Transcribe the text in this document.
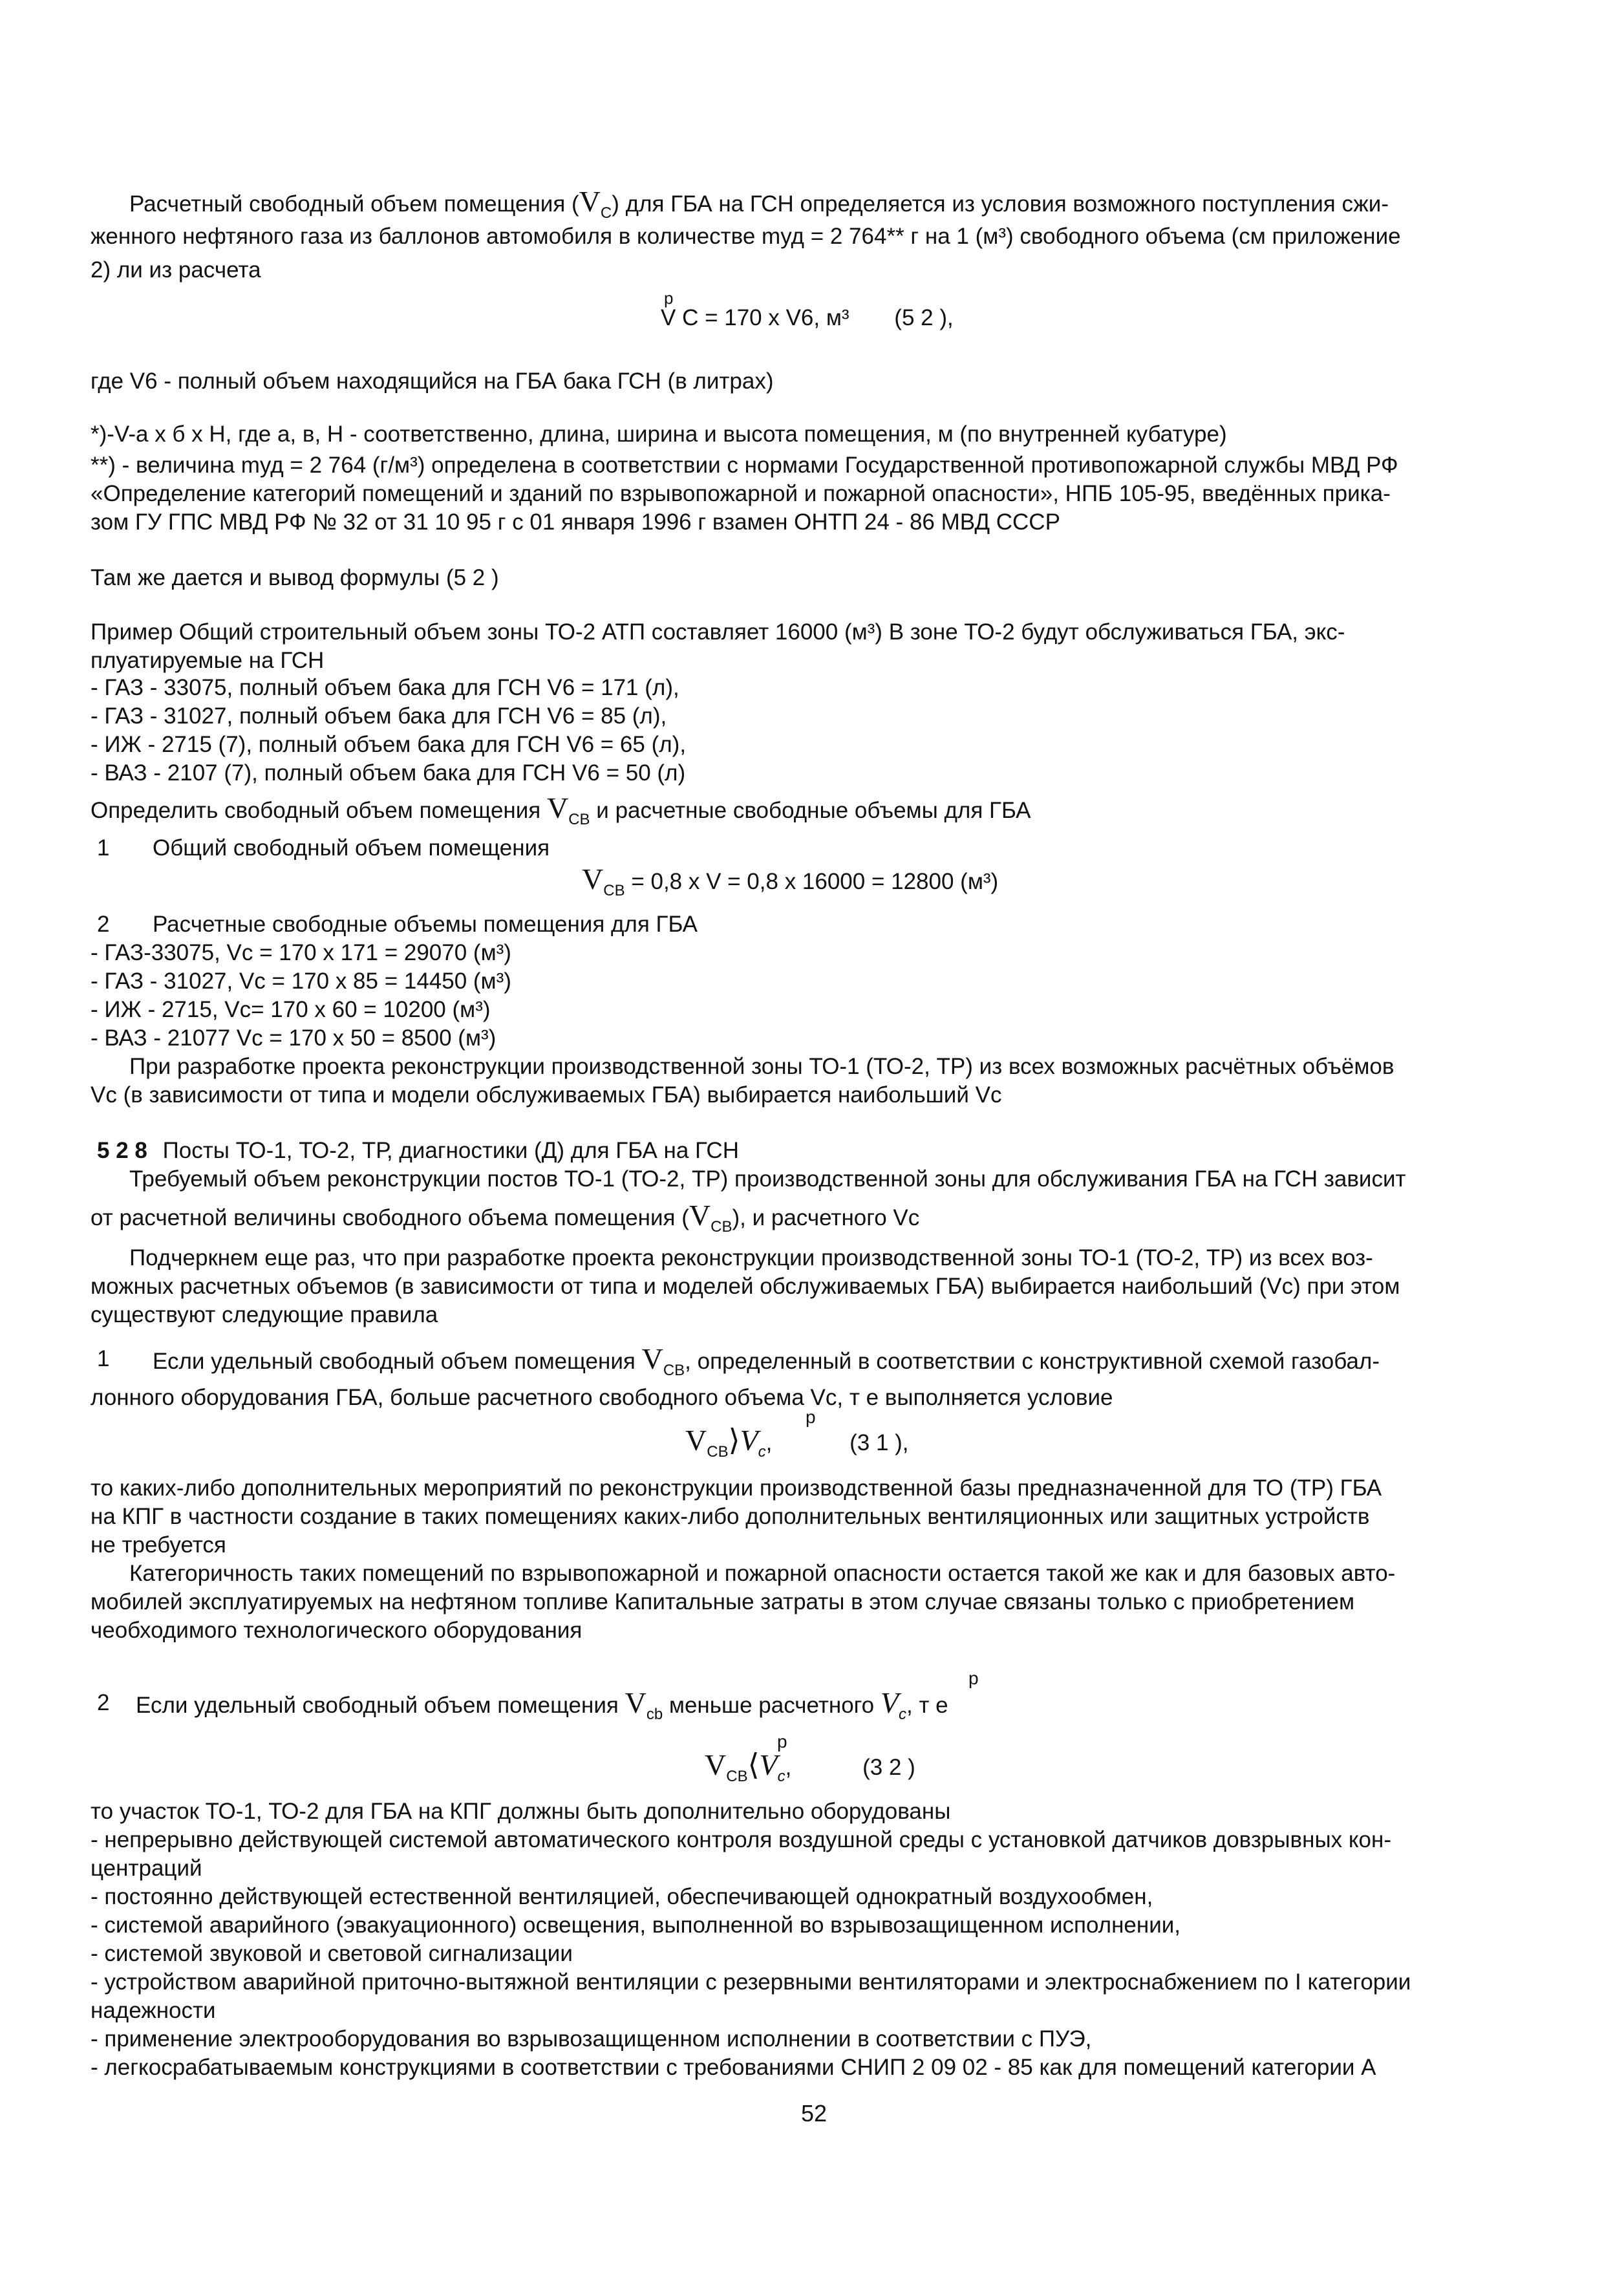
Расчетный свободный объем помещения $(V_C)$ для ГБА на ГСН определяется из условия возможного поступления сжи-
женного нефтяного газа из баллонов автомобиля в количестве mуд = 2 764** г на 1 (м³) свободного объема (см приложение
2) ли из расчета
p
V C = 170 х V6, м³ (5 2 ),
где V6 - полный объем находящийся на ГБА бака ГСН (в литрах)
*)-V-а х б х Н, где а, в, Н - соответственно, длина, ширина и высота помещения, м (по внутренней кубатуре)
**) - величина mуд = 2 764 (г/м³) определена в соответствии с нормами Государственной противопожарной службы МВД РФ
«Определение категорий помещений и зданий по взрывопожарной и пожарной опасности», НПБ 105-95, введённых прика-
зом ГУ ГПС МВД РФ № 32 от 31 10 95 г с 01 января 1996 г взамен ОНТП 24 - 86 МВД СССР
Там же дается и вывод формулы (5 2 )
Пример Общий строительный объем зоны ТО-2 АТП составляет 16000 (м³) В зоне ТО-2 будут обслуживаться ГБА, экс-
плуатируемые на ГСН
- ГАЗ - 33075, полный объем бака для ГСН V6 = 171 (л),
- ГАЗ - 31027, полный объем бака для ГСН V6 = 85 (л),
- ИЖ - 2715 (7), полный объем бака для ГСН V6 = 65 (л),
- ВАЗ - 2107 (7), полный объем бака для ГСН V6 = 50 (л)
Определить свободный объем помещения $V_{CB}$ и расчетные свободные объемы для ГБА
1 Общий свободный объем помещения
$V_{CB} = 0,8$ х V = 0,8 х 16000 = 12800 (м³)
2 Расчетные свободные объемы помещения для ГБА
- ГАЗ-33075, Vc = 170 х 171 = 29070 (м³)
- ГАЗ - 31027, Vc = 170 х 85 = 14450 (м³)
- ИЖ - 2715, Vc= 170 х 60 = 10200 (м³)
- ВАЗ - 21077 Vc = 170 х 50 = 8500 (м³)
При разработке проекта реконструкции производственной зоны ТО-1 (ТО-2, ТР) из всех возможных расчётных объёмов
Vc (в зависимости от типа и модели обслуживаемых ГБА) выбирается наибольший Vc
5 2 8 Посты ТО-1, ТО-2, ТР, диагностики (Д) для ГБА на ГСН
Требуемый объем реконструкции постов ТО-1 (ТО-2, ТР) производственной зоны для обслуживания ГБА на ГСН зависит
от расчетной величины свободного объема помещения $(V_{CB})$, и расчетного Vc
Подчеркнем еще раз, что при разработке проекта реконструкции производственной зоны ТО-1 (ТО-2, ТР) из всех воз-
можных расчетных объемов (в зависимости от типа и моделей обслуживаемых ГБА) выбирается наибольший (Vc) при этом
существуют следующие правила
1 Если удельный свободный объем помещения $V_{CB}$, определенный в соответствии с конструктивной схемой газобал-
лонного оборудования ГБА, больше расчетного свободного объема Vc, т е выполняется условие
p
$V_{CB}⟩V_c$,	(3 1 ),
то каких-либо дополнительных мероприятий по реконструкции производственной базы предназначенной для ТО (ТР) ГБА
на КПГ в частности создание в таких помещениях каких-либо дополнительных вентиляционных или защитных устройств
не требуется
Категоричность таких помещений по взрывопожарной и пожарной опасности остается такой же как и для базовых авто-
мобилей эксплуатируемых на нефтяном топливе Капитальные затраты в этом случае связаны только с приобретением
чеобходимого технологического оборудования
p
2 Если удельный свободный объем помещения $V_{cb}$ меньше расчетного $V_c$, т е
p
$V_{CB}⟨V_c$,	(3 2 )
то участок ТО-1, ТО-2 для ГБА на КПГ должны быть дополнительно оборудованы
- непрерывно действующей системой автоматического контроля воздушной среды с установкой датчиков довзрывных кон-
центраций
- постоянно действующей естественной вентиляцией, обеспечивающей однократный воздухообмен,
- системой аварийного (эвакуационного) освещения, выполненной во взрывозащищенном исполнении,
- системой звуковой и световой сигнализации
- устройством аварийной приточно-вытяжной вентиляции с резервными вентиляторами и электроснабжением по I категории
надежности
- применение электрооборудования во взрывозащищенном исполнении в соответствии с ПУЭ,
- легкосрабатываемым конструкциями в соответствии с требованиями СНИП 2 09 02 - 85 как для помещений категории А
52
